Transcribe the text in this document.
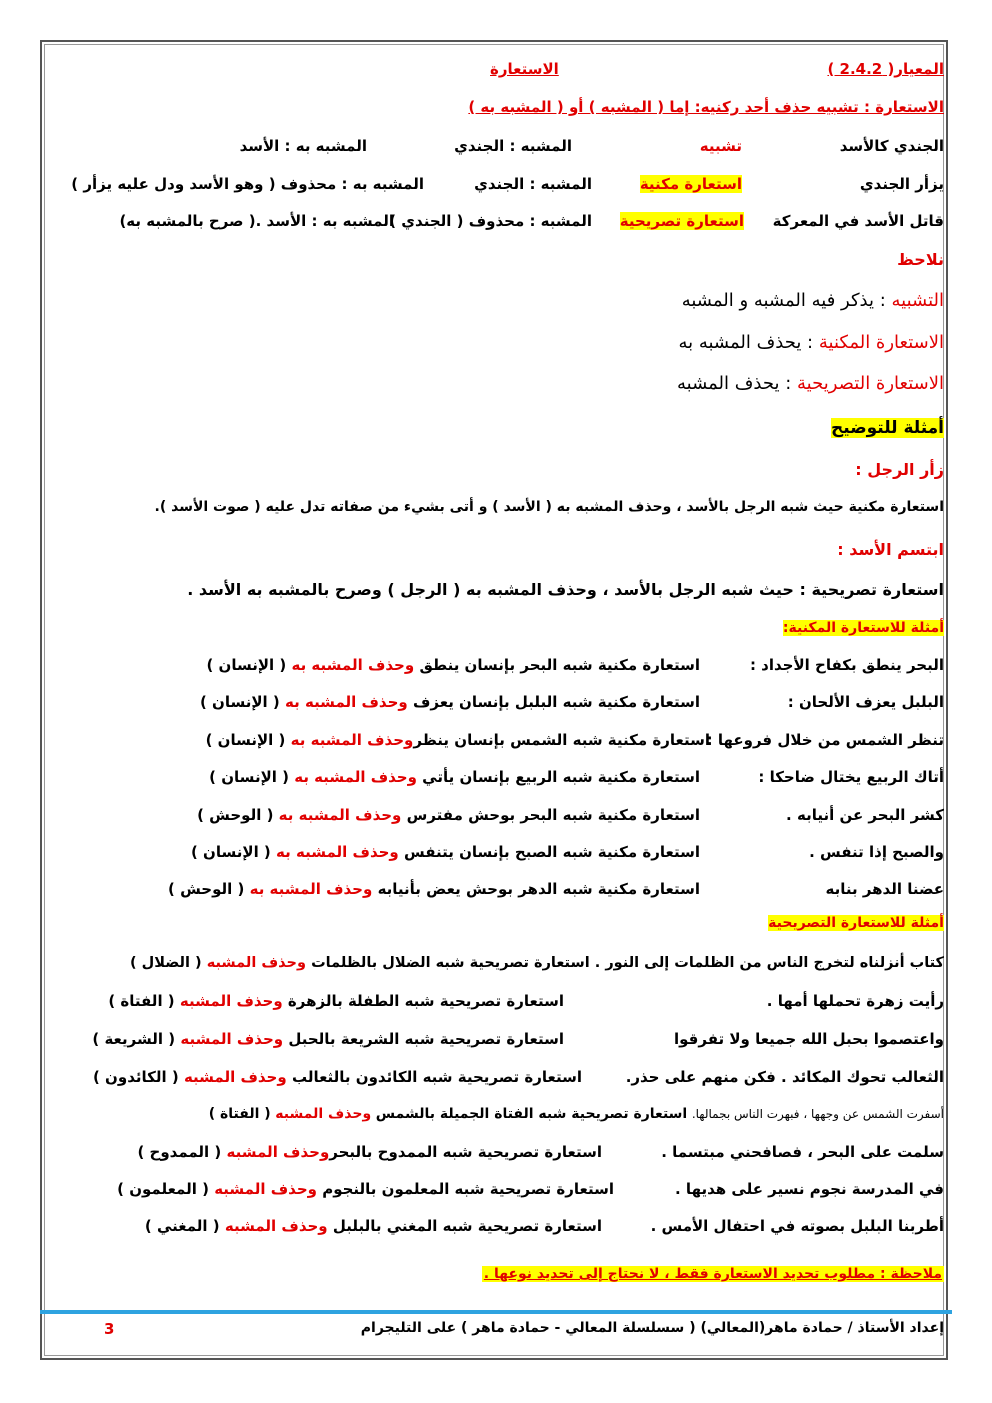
المعيار( 2.4.2 )
الاستعارة
الاستعارة : تشبيه حذف أحد ركنيه: إما ( المشبه ) أو ( المشبه به )
الجندي كالأسد
تشبيه
المشبه : الجندي
المشبه به : الأسد
يزأر الجندي
استعارة مكنية
المشبه : الجندي
المشبه به : محذوف ( وهو الأسد ودل عليه يزأر )
قاتل الأسد في المعركة
استعارة تصريحية
المشبه : محذوف ( الجندي )
المشبه به : الأسد .( صرح بالمشبه به)
نلاحظ
التشبيه : يذكر فيه المشبه و المشبه
الاستعارة المكنية : يحذف المشبه به
الاستعارة التصريحية : يحذف المشبه
أمثلة للتوضيح
زأر الرجل :
استعارة مكنية حيث شبه الرجل بالأسد ، وحذف المشبه به ( الأسد ) و أتى بشيء من صفاته تدل عليه ( صوت الأسد ).
ابتسم الأسد :
استعارة تصريحية : حيث شبه الرجل بالأسد ، وحذف المشبه به ( الرجل ) وصرح بالمشبه به الأسد .
أمثلة للاستعارة المكنية:
البحر ينطق بكفاح الأجداد :
استعارة مكنية شبه البحر بإنسان ينطق وحذف المشبه به ( الإنسان )
البلبل يعزف الألحان :
استعارة مكنية شبه البلبل بإنسان يعزف وحذف المشبه به ( الإنسان )
تنظر الشمس من خلال فروعها :
استعارة مكنية شبه الشمس بإنسان ينظروحذف المشبه به ( الإنسان )
أتاك الربيع يختال ضاحكا :
استعارة مكنية شبه الربيع بإنسان يأتي وحذف المشبه به ( الإنسان )
كشر البحر عن أنيابه .
استعارة مكنية شبه البحر بوحش مفترس وحذف المشبه به ( الوحش )
والصبح إذا تنفس .
استعارة مكنية شبه الصبح بإنسان يتنفس وحذف المشبه به ( الإنسان )
عضنا الدهر بنابه
استعارة مكنية شبه الدهر بوحش يعض بأنيابه وحذف المشبه به ( الوحش )
أمثلة للاستعارة التصريحية
كتاب أنزلناه لتخرج الناس من الظلمات إلى النور . استعارة تصريحية شبه الضلال بالظلمات وحذف المشبه ( الضلال )
رأيت زهرة تحملها أمها .
استعارة تصريحية شبه الطفلة بالزهرة وحذف المشبه ( الفتاة )
واعتصموا بحبل الله جميعا ولا تفرقوا
استعارة تصريحية شبه الشريعة بالحبل وحذف المشبه ( الشريعة )
الثعالب تحوك المكائد . فكن منهم على حذر.
استعارة تصريحية شبه الكائدون بالثعالب وحذف المشبه ( الكائدون )
أسفرت الشمس عن وجهها ، فبهرت الناس بجمالها. استعارة تصريحية شبه الفتاة الجميلة بالشمس وحذف المشبه ( الفتاة )
سلمت على البحر ، فصافحني مبتسما .
استعارة تصريحية شبه الممدوح بالبحروحذف المشبه ( الممدوح )
في المدرسة نجوم نسير على هديها .
استعارة تصريحية شبه المعلمون بالنجوم وحذف المشبه ( المعلمون )
أطربنا البلبل بصوته في احتفال الأمس .
استعارة تصريحية شبه المغني بالبلبل وحذف المشبه ( المغني )
ملاحظة : مطلوب تحديد الاستعارة فقط ، لا نحتاج إلى تحديد نوعها .
إعداد الأستاذ / حمادة ماهر(المعالي) ( سسلسلة المعالي - حمادة ماهر ) على التليجرام
3
